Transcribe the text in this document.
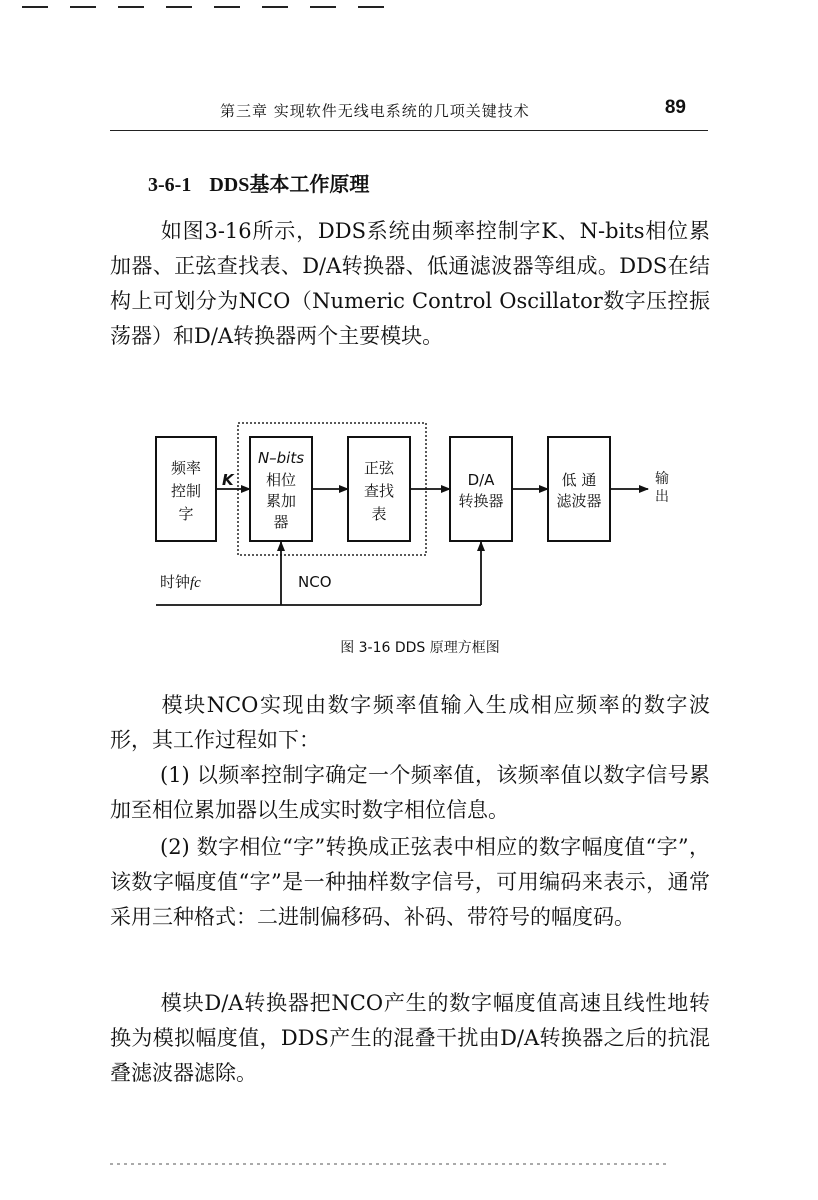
第三章 实现软件无线电系统的几项关键技术	89
3-6-1 DDS基本工作原理
如图3-16所示，DDS系统由频率控制字K、N-bits相位累加器、正弦查找表、D/A转换器、低通滤波器等组成。DDS在结构上可划分为NCO（Numeric Control Oscillator数字压控振荡器）和D/A转换器两个主要模块。
频率
控制
字
N–bits
相位
累加
器
正弦
查找
表
D/A
转换器
低 通
滤波器
K	输
出
时钟fc	NCO
图 3-16 DDS 原理方框图
模块NCO实现由数字频率值输入生成相应频率的数字波形，其工作过程如下：
(1) 以频率控制字确定一个频率值，该频率值以数字信号累加至相位累加器以生成实时数字相位信息。
(2) 数字相位“字”转换成正弦表中相应的数字幅度值“字”，该数字幅度值“字”是一种抽样数字信号，可用编码来表示，通常采用三种格式：二进制偏移码、补码、带符号的幅度码。
模块D/A转换器把NCO产生的数字幅度值高速且线性地转换为模拟幅度值，DDS产生的混叠干扰由D/A转换器之后的抗混叠滤波器滤除。
